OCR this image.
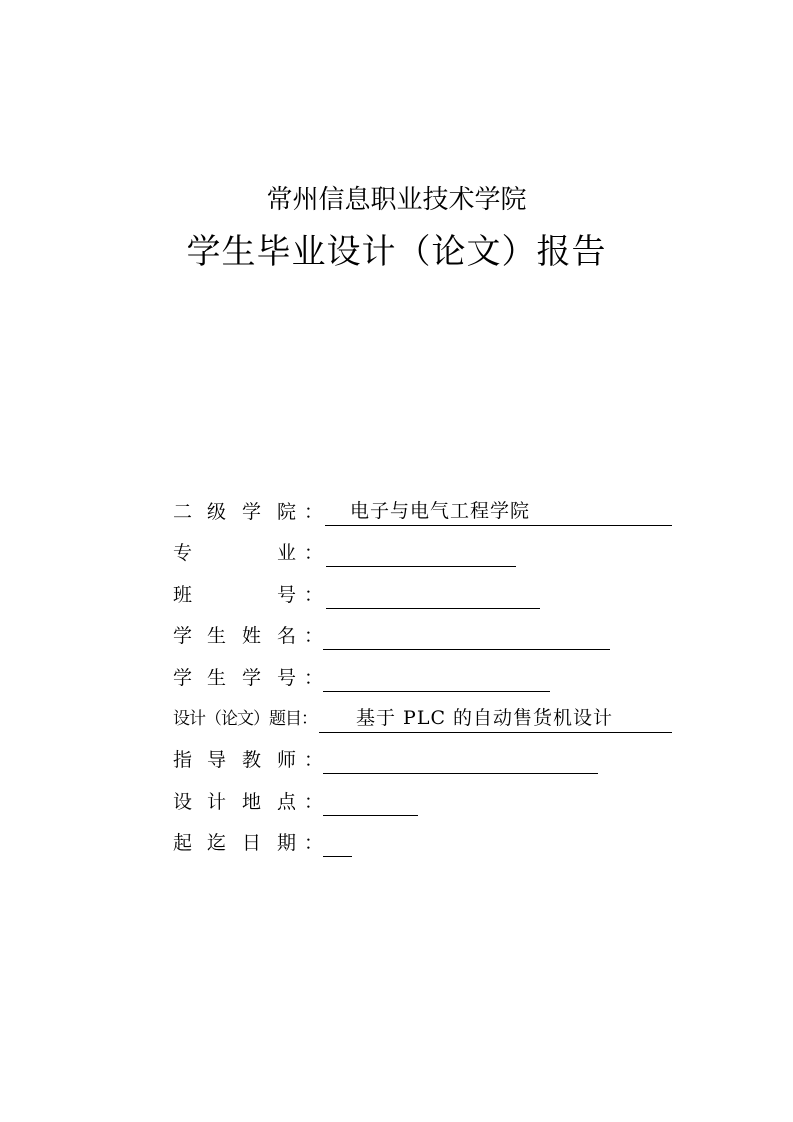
常州信息职业技术学院
学生毕业设计（论文）报告
二 级 学 院 ： 电子与电气工程学院
专	业 ：
班	号 ：
学 生 姓 名 ：
学 生 学 号 ：
设计（论文）题目： 基于 PLC 的自动售货机设计
指 导 教 师 ：
设 计 地 点 ：
起 迄 日 期 ：
